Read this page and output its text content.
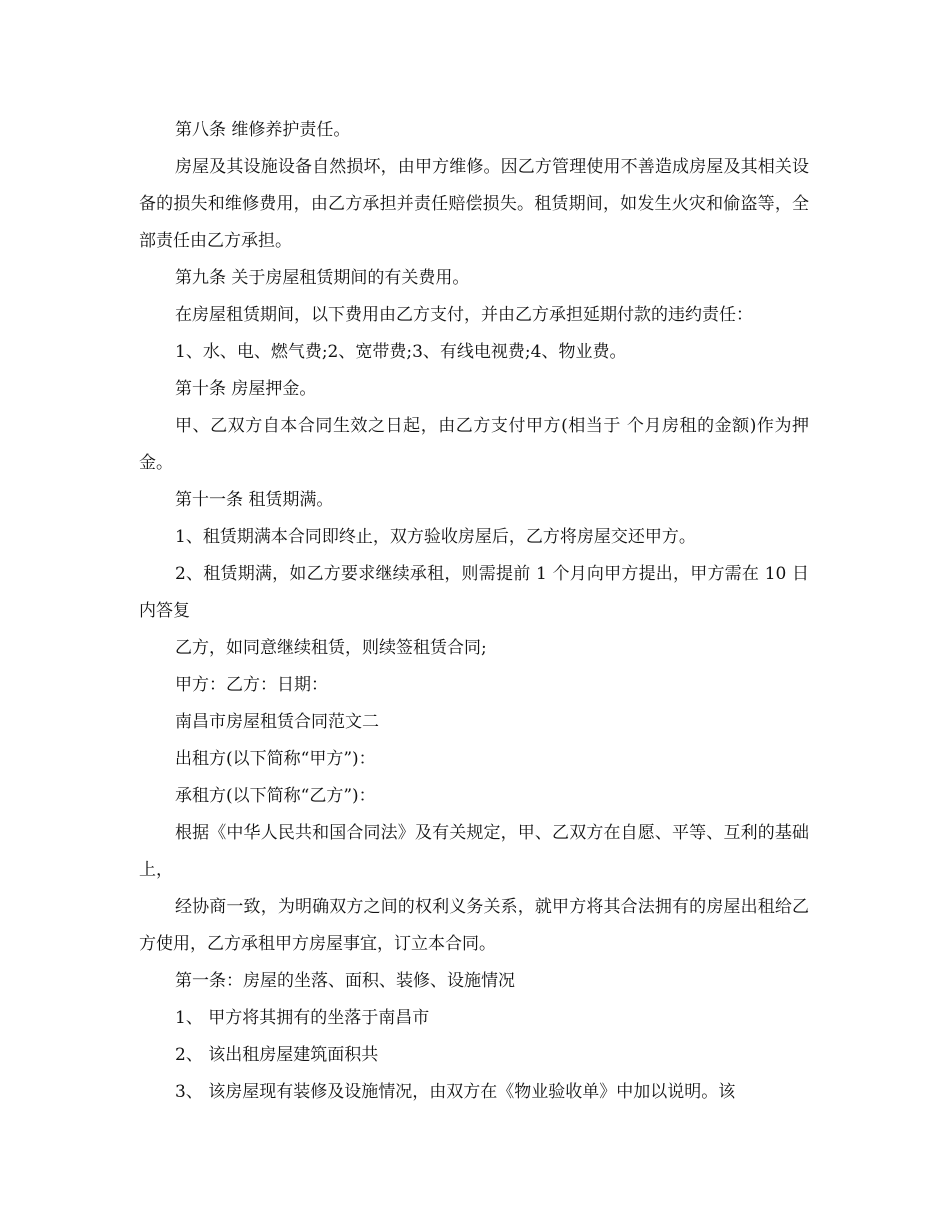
第八条 维修养护责任。

房屋及其设施设备自然损坏，由甲方维修。因乙方管理使用不善造成房屋及其相关设备的损失和维修费用，由乙方承担并责任赔偿损失。租赁期间，如发生火灾和偷盗等，全部责任由乙方承担。

第九条 关于房屋租赁期间的有关费用。

在房屋租赁期间，以下费用由乙方支付，并由乙方承担延期付款的违约责任：

1、水、电、燃气费;2、宽带费;3、有线电视费;4、物业费。

第十条 房屋押金。

甲、乙双方自本合同生效之日起，由乙方支付甲方(相当于 个月房租的金额)作为押金。

第十一条 租赁期满。

1、租赁期满本合同即终止，双方验收房屋后，乙方将房屋交还甲方。

2、租赁期满，如乙方要求继续承租，则需提前 1 个月向甲方提出，甲方需在 10 日内答复

乙方，如同意继续租赁，则续签租赁合同;

甲方：乙方：日期：

南昌市房屋租赁合同范文二

出租方(以下简称“甲方”)：

承租方(以下简称“乙方”)：

根据《中华人民共和国合同法》及有关规定，甲、乙双方在自愿、平等、互利的基础上，

经协商一致，为明确双方之间的权利义务关系，就甲方将其合法拥有的房屋出租给乙方使用，乙方承租甲方房屋事宜，订立本合同。

第一条：房屋的坐落、面积、装修、设施情况

1、 甲方将其拥有的坐落于南昌市

2、 该出租房屋建筑面积共

3、 该房屋现有装修及设施情况，由双方在《物业验收单》中加以说明。该
